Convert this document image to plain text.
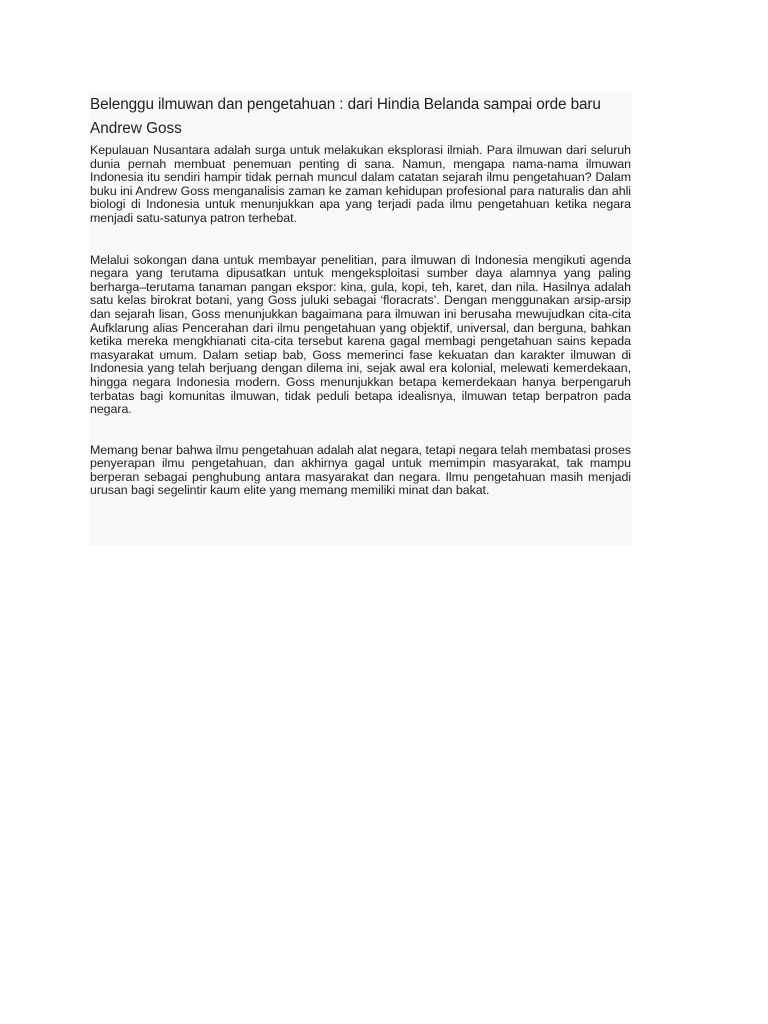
Belenggu ilmuwan dan pengetahuan : dari Hindia Belanda sampai orde baru
Andrew Goss

Kepulauan Nusantara adalah surga untuk melakukan eksplorasi ilmiah. Para ilmuwan dari seluruh dunia pernah membuat penemuan penting di sana. Namun, mengapa nama-nama ilmuwan Indonesia itu sendiri hampir tidak pernah muncul dalam catatan sejarah ilmu pengetahuan? Dalam buku ini Andrew Goss menganalisis zaman ke zaman kehidupan profesional para naturalis dan ahli biologi di Indonesia untuk menunjukkan apa yang terjadi pada ilmu pengetahuan ketika negara menjadi satu-satunya patron terhebat.

Melalui sokongan dana untuk membayar penelitian, para ilmuwan di Indonesia mengikuti agenda negara yang terutama dipusatkan untuk mengeksploitasi sumber daya alamnya yang paling berharga–terutama tanaman pangan ekspor: kina, gula, kopi, teh, karet, dan nila. Hasilnya adalah satu kelas birokrat botani, yang Goss juluki sebagai ‘floracrats’. Dengan menggunakan arsip-arsip dan sejarah lisan, Goss menunjukkan bagaimana para ilmuwan ini berusaha mewujudkan cita-cita Aufklarung alias Pencerahan dari ilmu pengetahuan yang objektif, universal, dan berguna, bahkan ketika mereka mengkhianati cita-cita tersebut karena gagal membagi pengetahuan sains kepada masyarakat umum. Dalam setiap bab, Goss memerinci fase kekuatan dan karakter ilmuwan di Indonesia yang telah berjuang dengan dilema ini, sejak awal era kolonial, melewati kemerdekaan, hingga negara Indonesia modern. Goss menunjukkan betapa kemerdekaan hanya berpengaruh terbatas bagi komunitas ilmuwan, tidak peduli betapa idealisnya, ilmuwan tetap berpatron pada negara.

Memang benar bahwa ilmu pengetahuan adalah alat negara, tetapi negara telah membatasi proses penyerapan ilmu pengetahuan, dan akhirnya gagal untuk memimpin masyarakat, tak mampu berperan sebagai penghubung antara masyarakat dan negara. Ilmu pengetahuan masih menjadi urusan bagi segelintir kaum elite yang memang memiliki minat dan bakat.
